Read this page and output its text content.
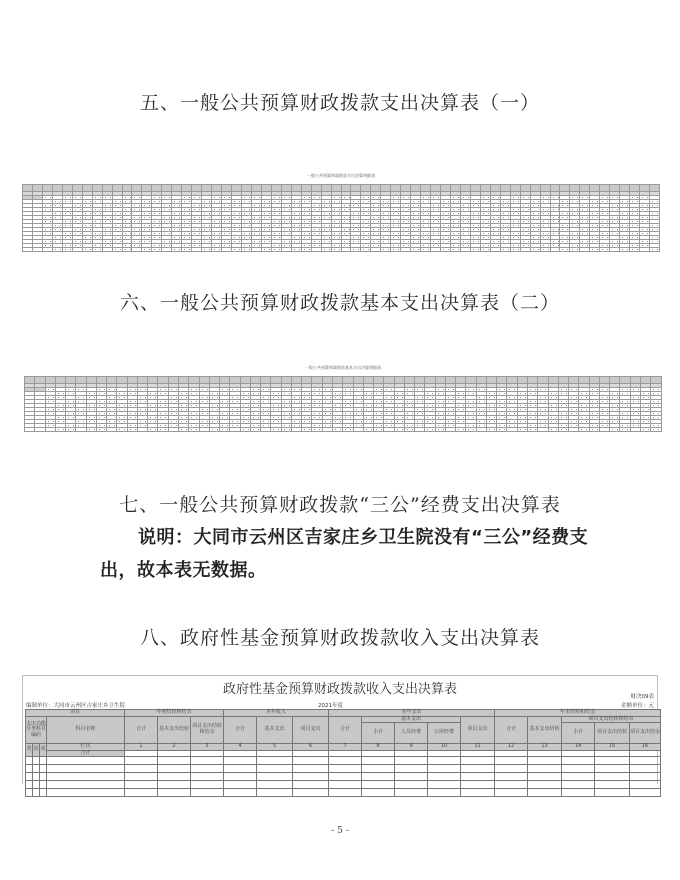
五、一般公共预算财政拨款支出决算表（一）
一般公共预算财政拨款支出决算明细表

六、一般公共预算财政拨款基本支出决算表（二）
一般公共预算财政拨款基本支出决算明细表

七、一般公共预算财政拨款“三公”经费支出决算表
说明：大同市云州区吉家庄乡卫生院没有“三公”经费支
出，故本表无数据。
八、政府性基金预算财政拨款收入支出决算表
政府性基金预算财政拨款收入支出决算表	财决09表
编制单位：大同市云州区吉家庄乡卫生院	2021年度	金额单位：元
项目				年初结转和结余			本年收入			本年支出					年末结转和结余				
支出功能分类科目编码			科目名称	合计	基本支出结转	项目支出结转和结余	合计	基本支出	项目支出	合计	基本支出			项目支出	合计	基本支出结转	项目支出结转和结余		
											小计	人员经费	公用经费				小计	项目支出结转	项目支出结余

类	款	项	栏次	1	2	3	4	5	6	7	8	9	10	11	12	13	14	15	16
			合计																

- 5 -
